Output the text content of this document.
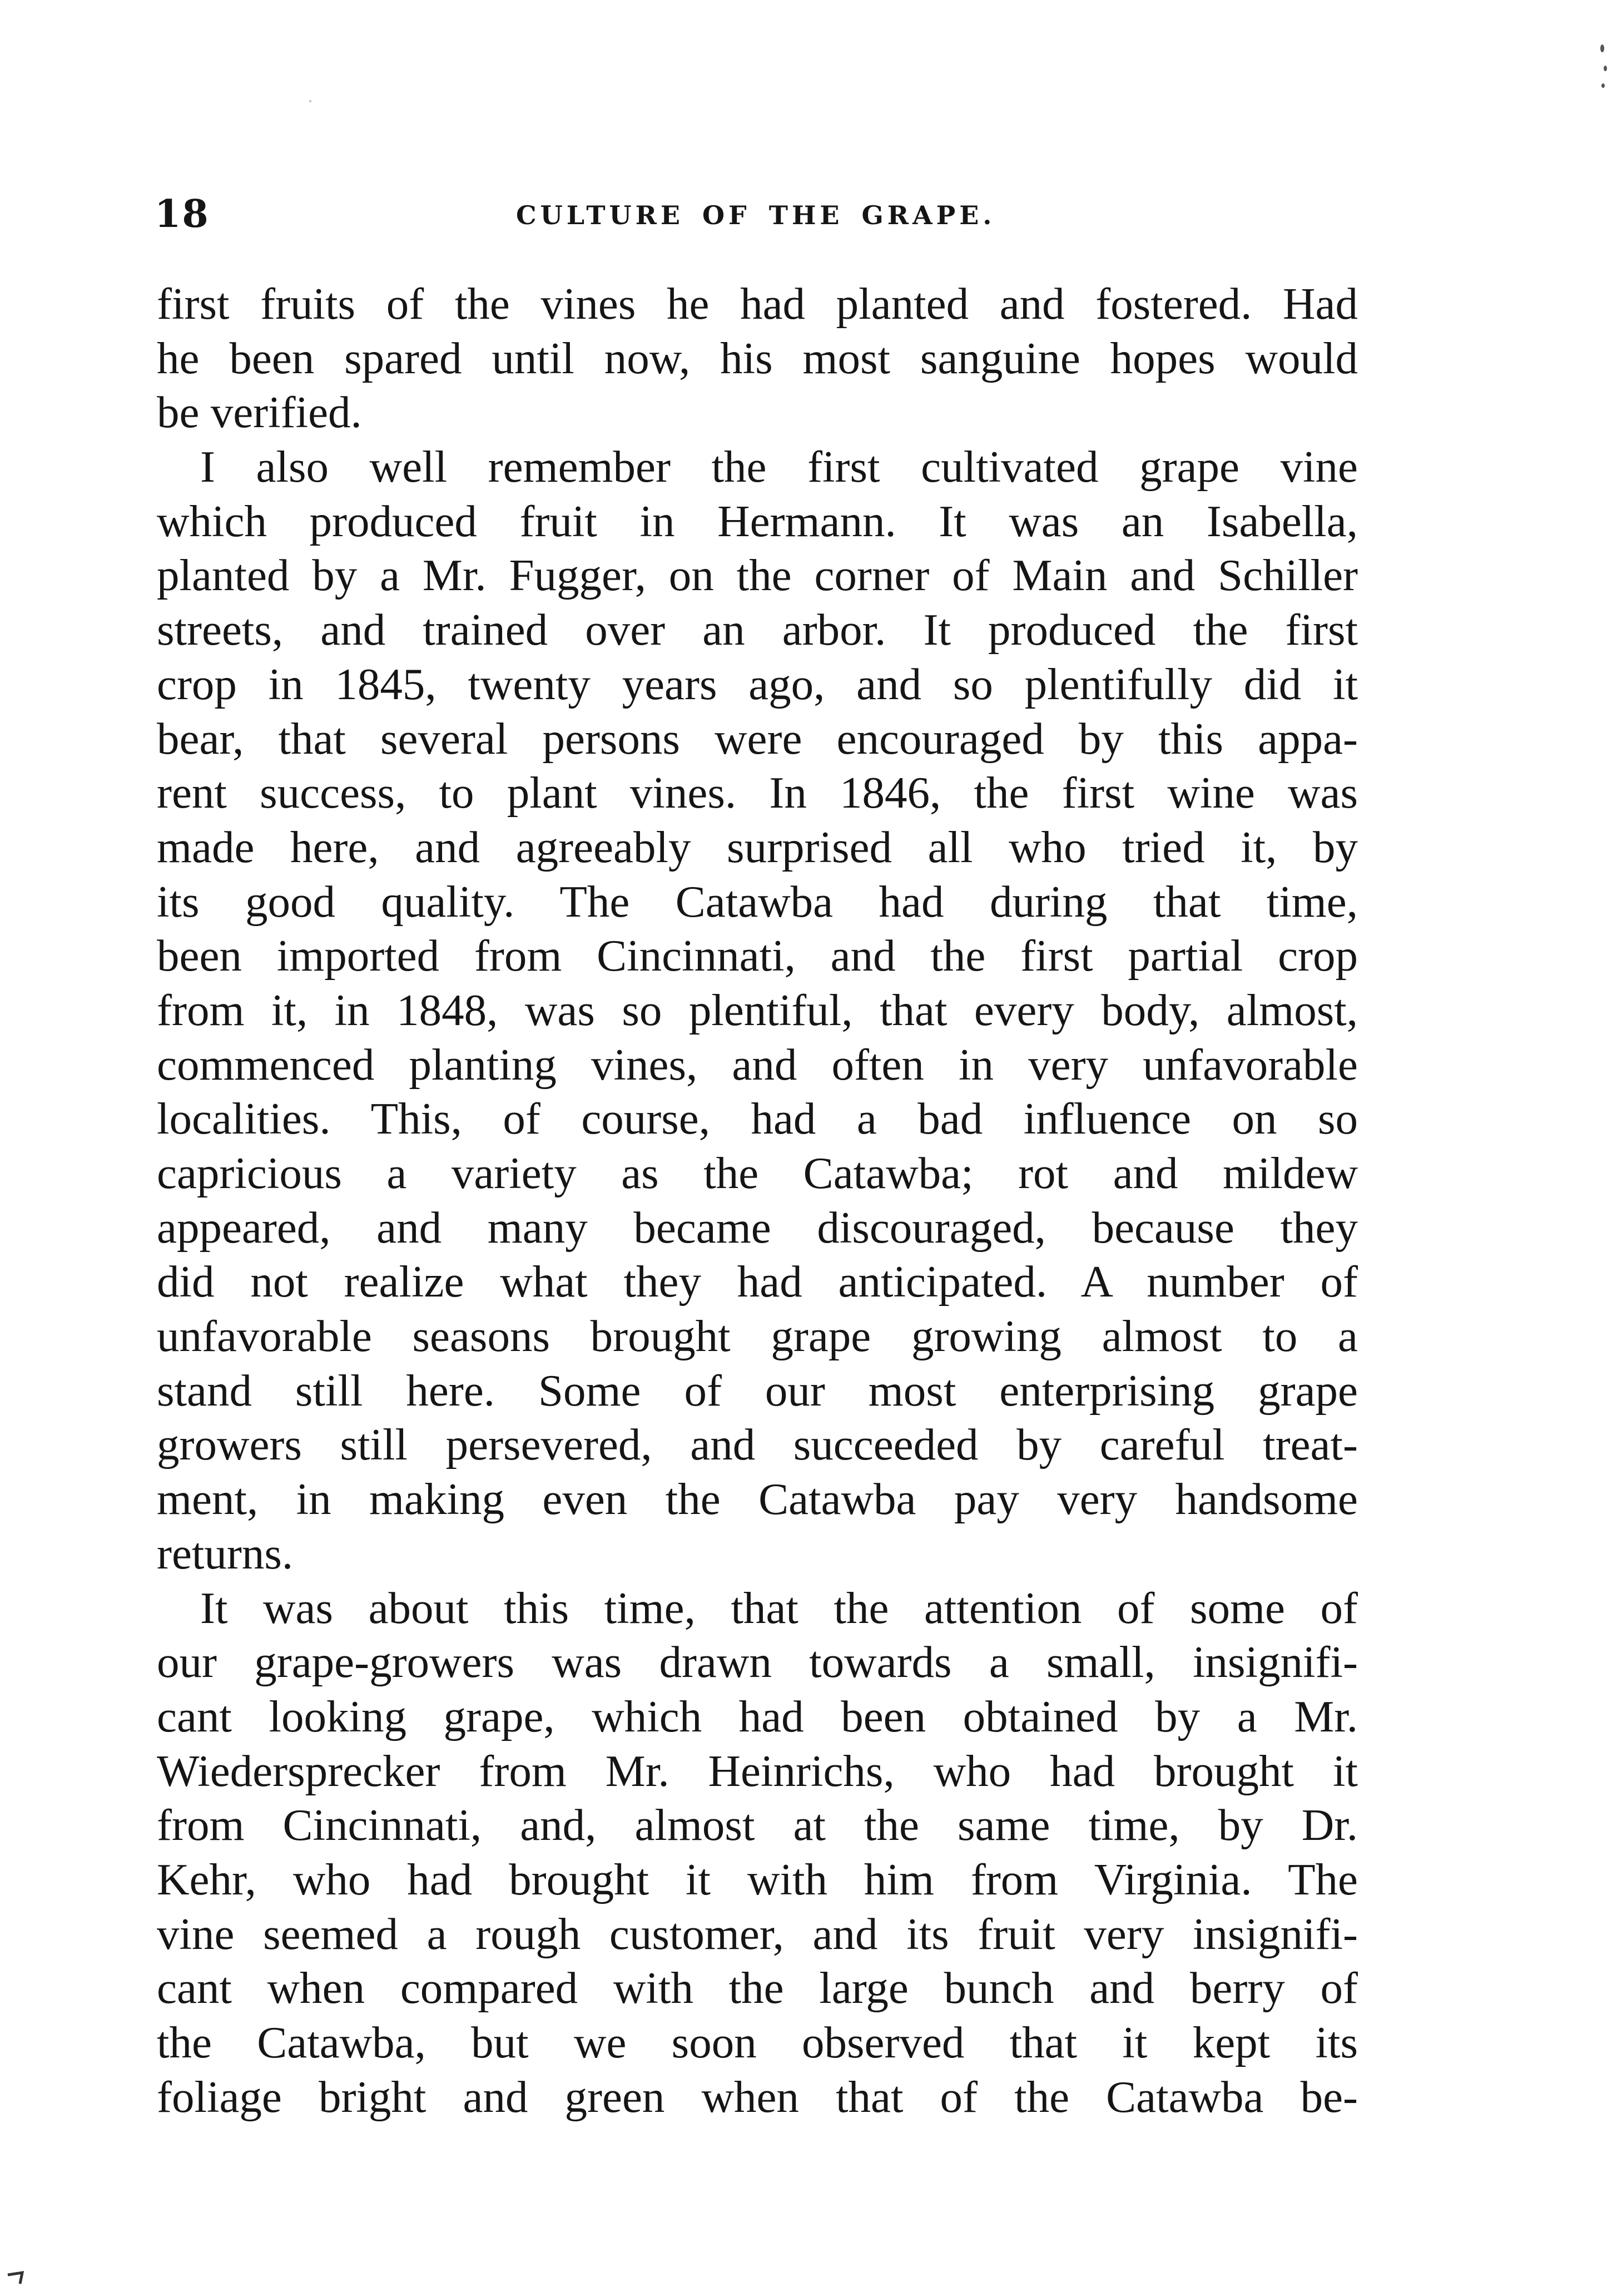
18	CULTURE OF THE GRAPE.
first fruits of the vines he had planted and fostered. Had
he been spared until now, his most sanguine hopes would
be verified.
I also well remember the first cultivated grape vine
which produced fruit in Hermann. It was an Isabella,
planted by a Mr. Fugger, on the corner of Main and Schiller
streets, and trained over an arbor. It produced the first
crop in 1845, twenty years ago, and so plentifully did it
bear, that several persons were encouraged by this appa-
rent success, to plant vines. In 1846, the first wine was
made here, and agreeably surprised all who tried it, by
its good quality. The Catawba had during that time,
been imported from Cincinnati, and the first partial crop
from it, in 1848, was so plentiful, that every body, almost,
commenced planting vines, and often in very unfavorable
localities. This, of course, had a bad influence on so
capricious a variety as the Catawba; rot and mildew
appeared, and many became discouraged, because they
did not realize what they had anticipated. A number of
unfavorable seasons brought grape growing almost to a
stand still here. Some of our most enterprising grape
growers still persevered, and succeeded by careful treat-
ment, in making even the Catawba pay very handsome
returns.
It was about this time, that the attention of some of
our grape-growers was drawn towards a small, insignifi-
cant looking grape, which had been obtained by a Mr.
Wiedersprecker from Mr. Heinrichs, who had brought it
from Cincinnati, and, almost at the same time, by Dr.
Kehr, who had brought it with him from Virginia. The
vine seemed a rough customer, and its fruit very insignifi-
cant when compared with the large bunch and berry of
the Catawba, but we soon observed that it kept its
foliage bright and green when that of the Catawba be-
